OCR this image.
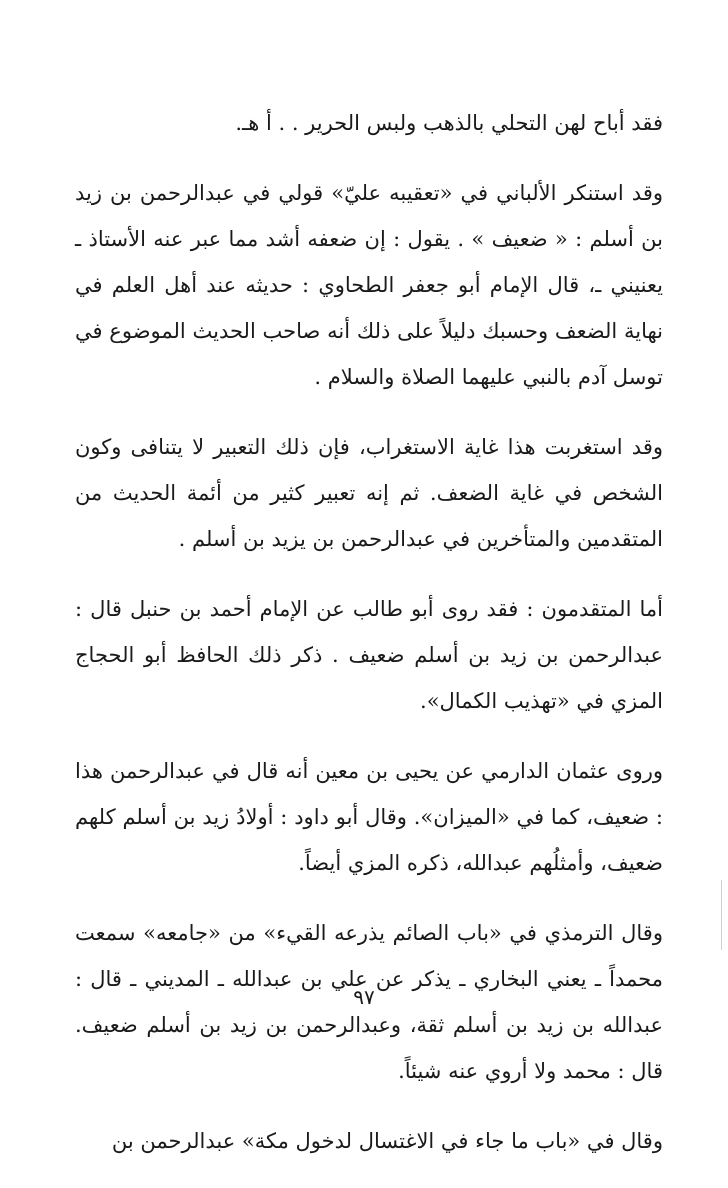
فقد أباح لهن التحلي بالذهب ولبس الحرير . . أ هـ.

وقد استنكر الألباني في «تعقيبه عليّ» قولي في عبدالرحمن بن زيد بن أسلم : « ضعيف » . يقول : إن ضعفه أشد مما عبر عنه الأستاذ ـ يعنيني ـ، قال الإمام أبو جعفر الطحاوي : حديثه عند أهل العلم في نهاية الضعف وحسبك دليلاً على ذلك أنه صاحب الحديث الموضوع في توسل آدم بالنبي عليهما الصلاة والسلام .

وقد استغربت هذا غاية الاستغراب، فإن ذلك التعبير لا يتنافى وكون الشخص في غاية الضعف. ثم إنه تعبير كثير من أئمة الحديث من المتقدمين والمتأخرين في عبدالرحمن بن يزيد بن أسلم .

أما المتقدمون : فقد روى أبو طالب عن الإمام أحمد بن حنبل قال : عبدالرحمن بن زيد بن أسلم ضعيف . ذكر ذلك الحافظ أبو الحجاج المزي في «تهذيب الكمال».

وروى عثمان الدارمي عن يحيى بن معين أنه قال في عبدالرحمن هذا : ضعيف، كما في «الميزان». وقال أبو داود : أولادُ زيد بن أسلم كلهم ضعيف، وأمثلُهم عبدالله، ذكره المزي أيضاً.

وقال الترمذي في «باب الصائم يذرعه القيء» من «جامعه» سمعت محمداً ـ يعني البخاري ـ يذكر عن علي بن عبدالله ـ المديني ـ قال : عبدالله بن زيد بن أسلم ثقة، وعبدالرحمن بن زيد بن أسلم ضعيف. قال : محمد ولا أروي عنه شيئاً.

وقال في «باب ما جاء في الاغتسال لدخول مكة» عبدالرحمن بن

٩٧
